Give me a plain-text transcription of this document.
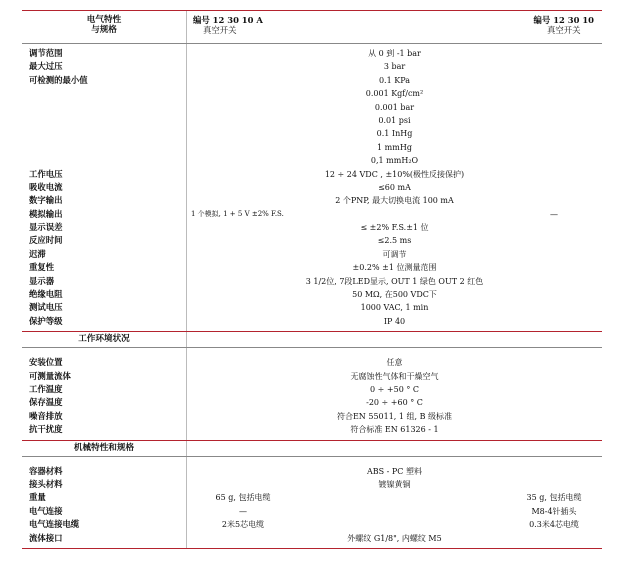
电气特性
与规格
编号 12 30 10 A
真空开关
编号 12 30 10
真空开关
调节范围	从 0 到 -1 bar
最大过压	3 bar
可检测的最小值	0.1 KPa
0.001 Kgf/cm²
0.001 bar
0.01 psi
0.1 InHg
1 mmHg
0,1 mmH₂O
工作电压	12 ÷ 24 VDC , ±10%(极性反接保护)
吸收电流	≤60 mA
数字输出	2 个PNP, 最大切换电流 100 mA
模拟输出	1 个模拟, 1 + 5 V ±2% F.S.	—
显示误差	≤ ±2% F.S.±1 位
反应时间	≤2.5 ms
迟滞	可调节
重复性	±0.2% ±1 位测量范围
显示器	3 1/2位, 7段LED显示, OUT 1 绿色 OUT 2 红色
绝缘电阻	50 MΩ, 在500 VDC下
测试电压	1000 VAC, 1 min
保护等级	IP 40
工作环境状况
安装位置	任意
可测量流体	无腐蚀性气体和干燥空气
工作温度	0 ÷ +50 ° C
保存温度	-20 ÷ +60 ° C
噪音排放	符合EN 55011, 1 组, B 级标准
抗干扰度	符合标准 EN 61326 - 1
机械特性和规格
容器材料	ABS - PC 塑料
接头材料	镀镍黄铜
重量	65 g, 包括电缆	35 g, 包括电缆
电气连接	—	M8-4针插头
电气连接电缆	2米5芯电缆	0.3米4芯电缆
流体接口	外螺纹 G1/8", 内螺纹 M5
